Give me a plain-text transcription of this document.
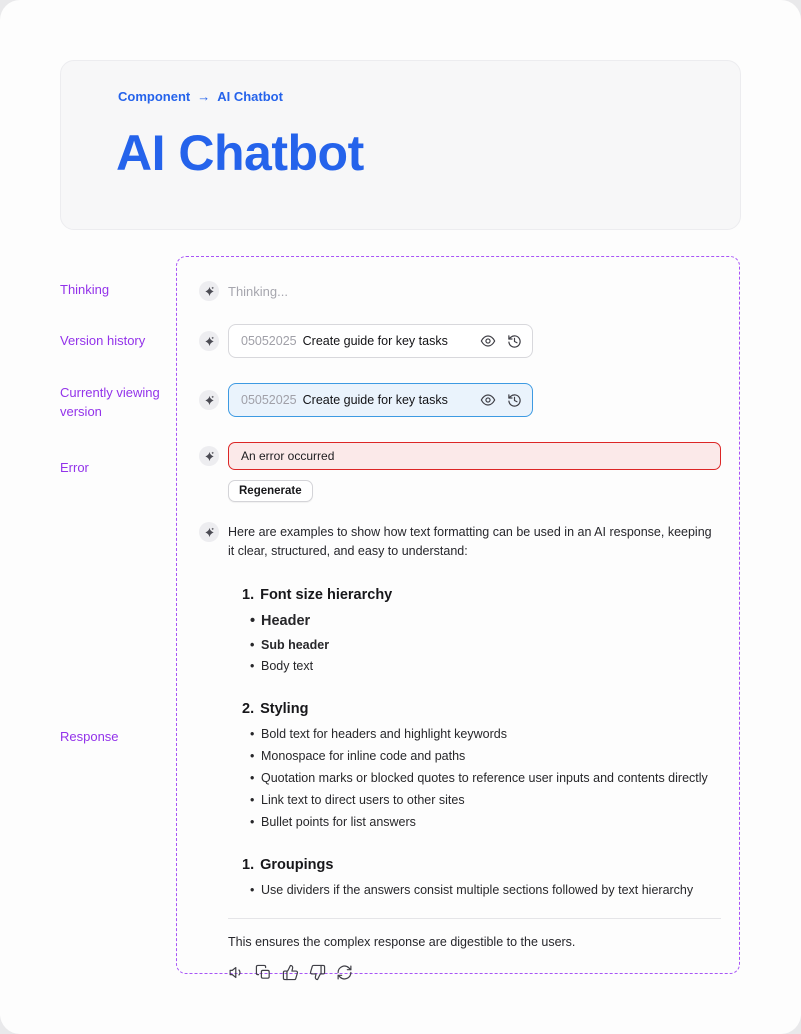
Component → AI Chatbot
AI Chatbot
Thinking
Version history
Currently viewing version
Error
Response
Thinking...
05052025 Create guide for key tasks
05052025 Create guide for key tasks
An error occurred
Regenerate

Here are examples to show how text formatting can be used in an AI response, keeping it clear, structured, and easy to understand:

1. Font size hierarchy
• Header
• Sub header
• Body text
2. Styling
• Bold text for headers and highlight keywords
• Monospace for inline code and paths
• Quotation marks or blocked quotes to reference user inputs and contents directly
• Link text to direct users to other sites
• Bullet points for list answers
1. Groupings
• Use dividers if the answers consist multiple sections followed by text hierarchy

This ensures the complex response are digestible to the users.
